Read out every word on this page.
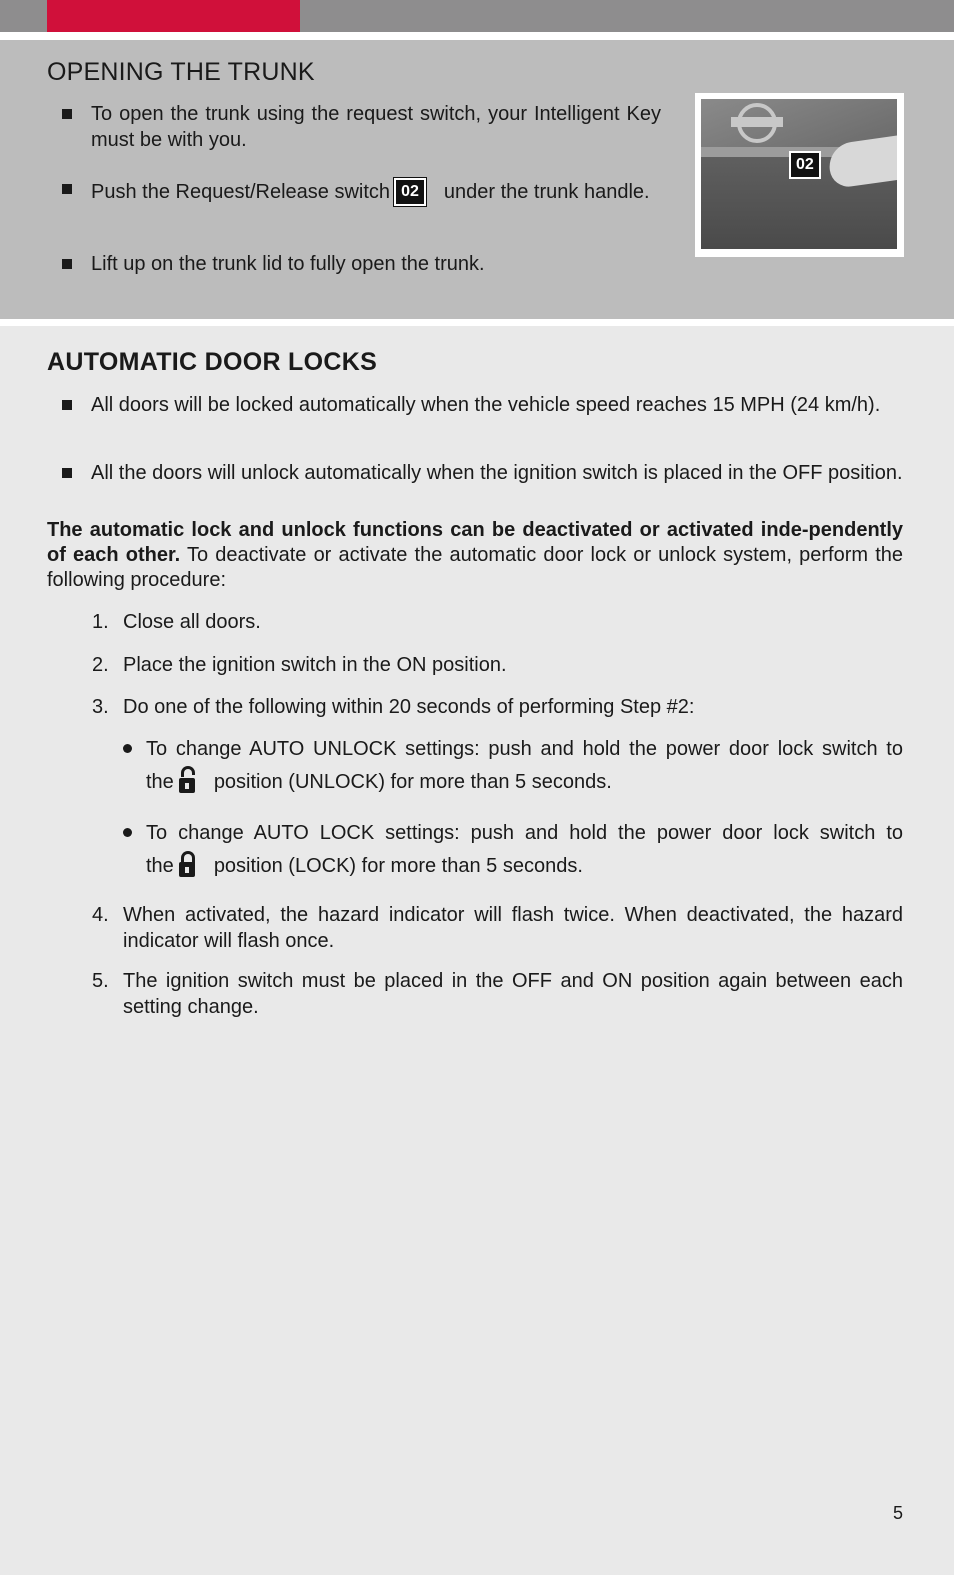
OPENING THE TRUNK
To open the trunk using the request switch, your Intelligent Key must be with you.
Push the Request/Release switch 02 under the trunk handle.
Lift up on the trunk lid to fully open the trunk.
02
AUTOMATIC DOOR LOCKS
All doors will be locked automatically when the vehicle speed reaches 15 MPH (24 km/h).
All the doors will unlock automatically when the ignition switch is placed in the OFF position.
The automatic lock and unlock functions can be deactivated or activated inde-pendently of each other. To deactivate or activate the automatic door lock or unlock system, perform the following procedure:
1. Close all doors.
2. Place the ignition switch in the ON position.
3. Do one of the following within 20 seconds of performing Step #2:
To change AUTO UNLOCK settings: push and hold the power door lock switch to
the position (UNLOCK) for more than 5 seconds.
To change AUTO LOCK settings: push and hold the power door lock switch to
the position (LOCK) for more than 5 seconds.
4. When activated, the hazard indicator will flash twice. When deactivated, the hazard indicator will flash once.
5. The ignition switch must be placed in the OFF and ON position again between each setting change.
5
